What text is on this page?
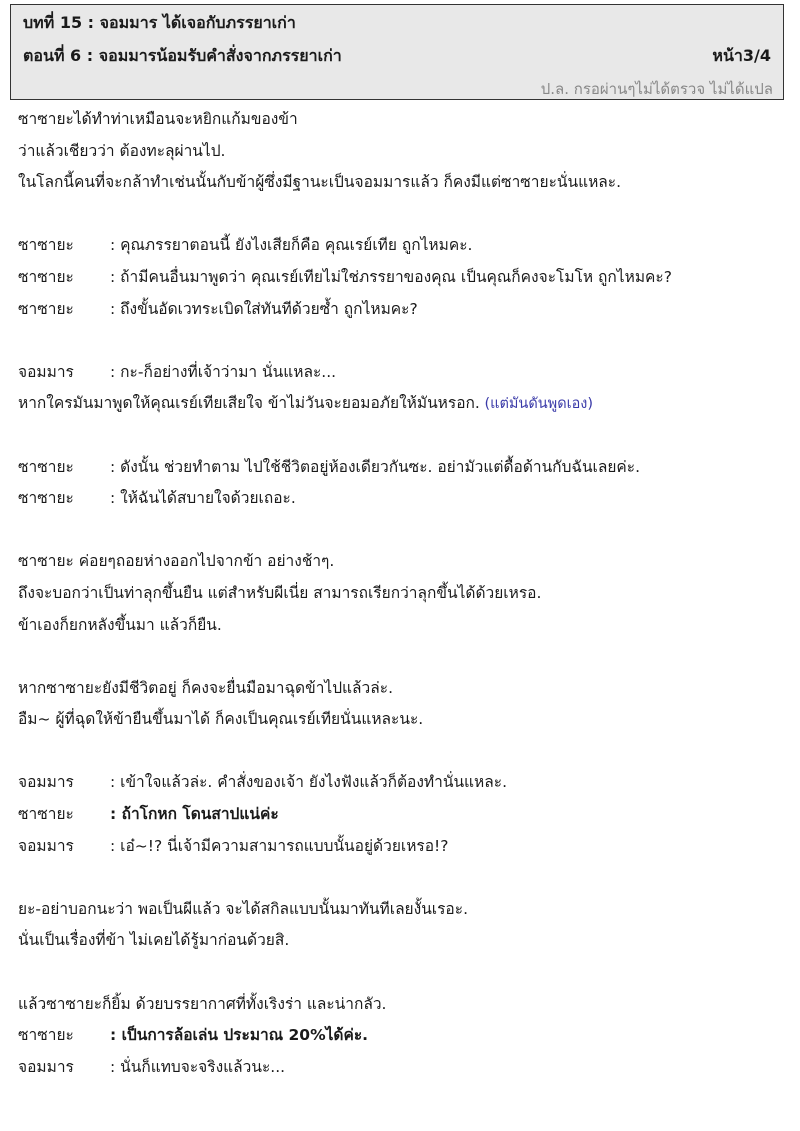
บทที่ 15 : จอมมาร ได้เจอกับภรรยาเก่า
ตอนที่ 6 : จอมมารน้อมรับคำสั่งจากภรรยาเก่า	หน้า3/4
ป.ล. กรอผ่านๆไม่ได้ตรวจ ไม่ได้แปล
ซาซายะได้ทำท่าเหมือนจะหยิกแก้มของข้า
ว่าแล้วเชียวว่า ต้องทะลุผ่านไป.
ในโลกนี้คนที่จะกล้าทำเช่นนั้นกับข้าผู้ซึ่งมีฐานะเป็นจอมมารแล้ว ก็คงมีแต่ซาซายะนั่นแหละ.
ซาซายะ : คุณภรรยาตอนนี้ ยังไงเสียก็คือ คุณเรย์เทีย ถูกไหมคะ.
ซาซายะ : ถ้ามีคนอื่นมาพูดว่า คุณเรย์เทียไม่ใช่ภรรยาของคุณ เป็นคุณก็คงจะโมโห ถูกไหมคะ?
ซาซายะ : ถึงขั้นอัดเวทระเบิดใส่ทันทีด้วยซ้ำ ถูกไหมคะ?
จอมมาร : กะ-ก็อย่างที่เจ้าว่ามา นั่นแหละ...
หากใครมันมาพูดให้คุณเรย์เทียเสียใจ ข้าไม่วันจะยอมอภัยให้มันหรอก. (แต่มันดันพูดเอง)
ซาซายะ : ดังนั้น ช่วยทำตาม ไปใช้ชีวิตอยู่ห้องเดียวกันซะ. อย่ามัวแต่ดื้อด้านกับฉันเลยค่ะ.
ซาซายะ : ให้ฉันได้สบายใจด้วยเถอะ.
ซาซายะ ค่อยๆถอยห่างออกไปจากข้า อย่างช้าๆ.
ถึงจะบอกว่าเป็นท่าลุกขึ้นยืน แต่สำหรับผีเนี่ย สามารถเรียกว่าลุกขึ้นได้ด้วยเหรอ.
ข้าเองก็ยกหลังขึ้นมา แล้วก็ยืน.
หากซาซายะยังมีชีวิตอยู่ ก็คงจะยื่นมือมาฉุดข้าไปแล้วล่ะ.
อืม~ ผู้ที่ฉุดให้ข้ายืนขึ้นมาได้ ก็คงเป็นคุณเรย์เทียนั่นแหละนะ.
จอมมาร : เข้าใจแล้วล่ะ. คำสั่งของเจ้า ยังไงฟังแล้วก็ต้องทำนั่นแหละ.
ซาซายะ : ถ้าโกหก โดนสาปแน่ค่ะ
จอมมาร : เอ๋~!? นี่เจ้ามีความสามารถแบบนั้นอยู่ด้วยเหรอ!?
ยะ-อย่าบอกนะว่า พอเป็นผีแล้ว จะได้สกิลแบบนั้นมาทันทีเลยงั้นเรอะ.
นั่นเป็นเรื่องที่ข้า ไม่เคยได้รู้มาก่อนด้วยสิ.
แล้วซาซายะก็ยิ้ม ด้วยบรรยากาศที่ทั้งเริงร่า และน่ากลัว.
ซาซายะ : เป็นการล้อเล่น ประมาณ 20%ได้ค่ะ.
จอมมาร : นั่นก็แทบจะจริงแล้วนะ...
